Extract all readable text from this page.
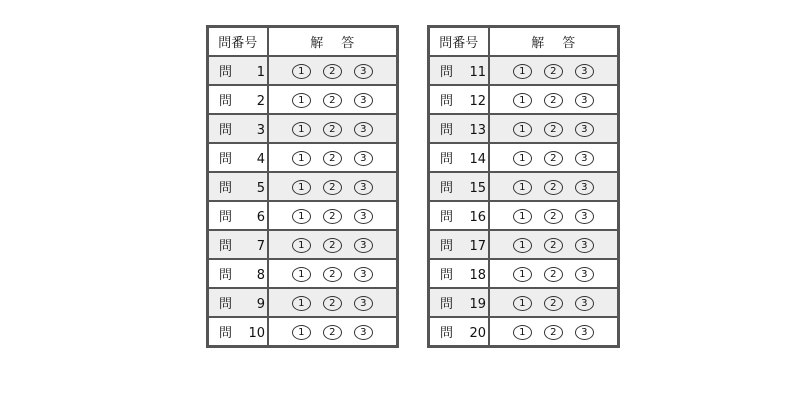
問番号	解 答
問 1	1 2 3
問 2	1 2 3
問 3	1 2 3
問 4	1 2 3
問 5	1 2 3
問 6	1 2 3
問 7	1 2 3
問 8	1 2 3
問 9	1 2 3
問 10	1 2 3
問番号	解 答
問 11	1 2 3
問 12	1 2 3
問 13	1 2 3
問 14	1 2 3
問 15	1 2 3
問 16	1 2 3
問 17	1 2 3
問 18	1 2 3
問 19	1 2 3
問 20	1 2 3
